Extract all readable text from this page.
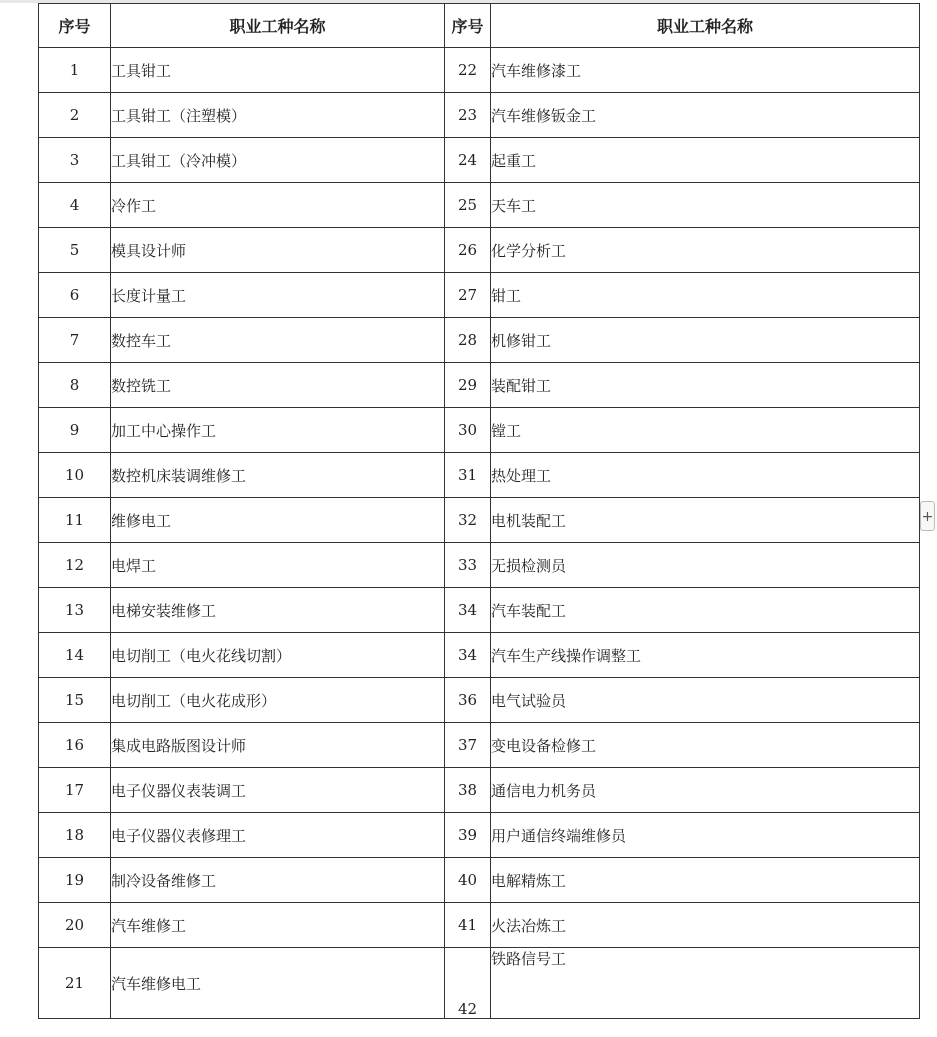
序号	职业工种名称	序号	职业工种名称
1	工具钳工	22	汽车维修漆工
2	工具钳工（注塑模）	23	汽车维修钣金工
3	工具钳工（冷冲模）	24	起重工
4	冷作工	25	天车工
5	模具设计师	26	化学分析工
6	长度计量工	27	钳工
7	数控车工	28	机修钳工
8	数控铣工	29	装配钳工
9	加工中心操作工	30	镗工
10	数控机床装调维修工	31	热处理工
11	维修电工	32	电机装配工
12	电焊工	33	无损检测员
13	电梯安装维修工	34	汽车装配工
14	电切削工（电火花线切割）	34	汽车生产线操作调整工
15	电切削工（电火花成形）	36	电气试验员
16	集成电路版图设计师	37	变电设备检修工
17	电子仪器仪表装调工	38	通信电力机务员
18	电子仪器仪表修理工	39	用户通信终端维修员
19	制冷设备维修工	40	电解精炼工
20	汽车维修工	41	火法冶炼工
21	汽车维修电工	42	铁路信号工
+
